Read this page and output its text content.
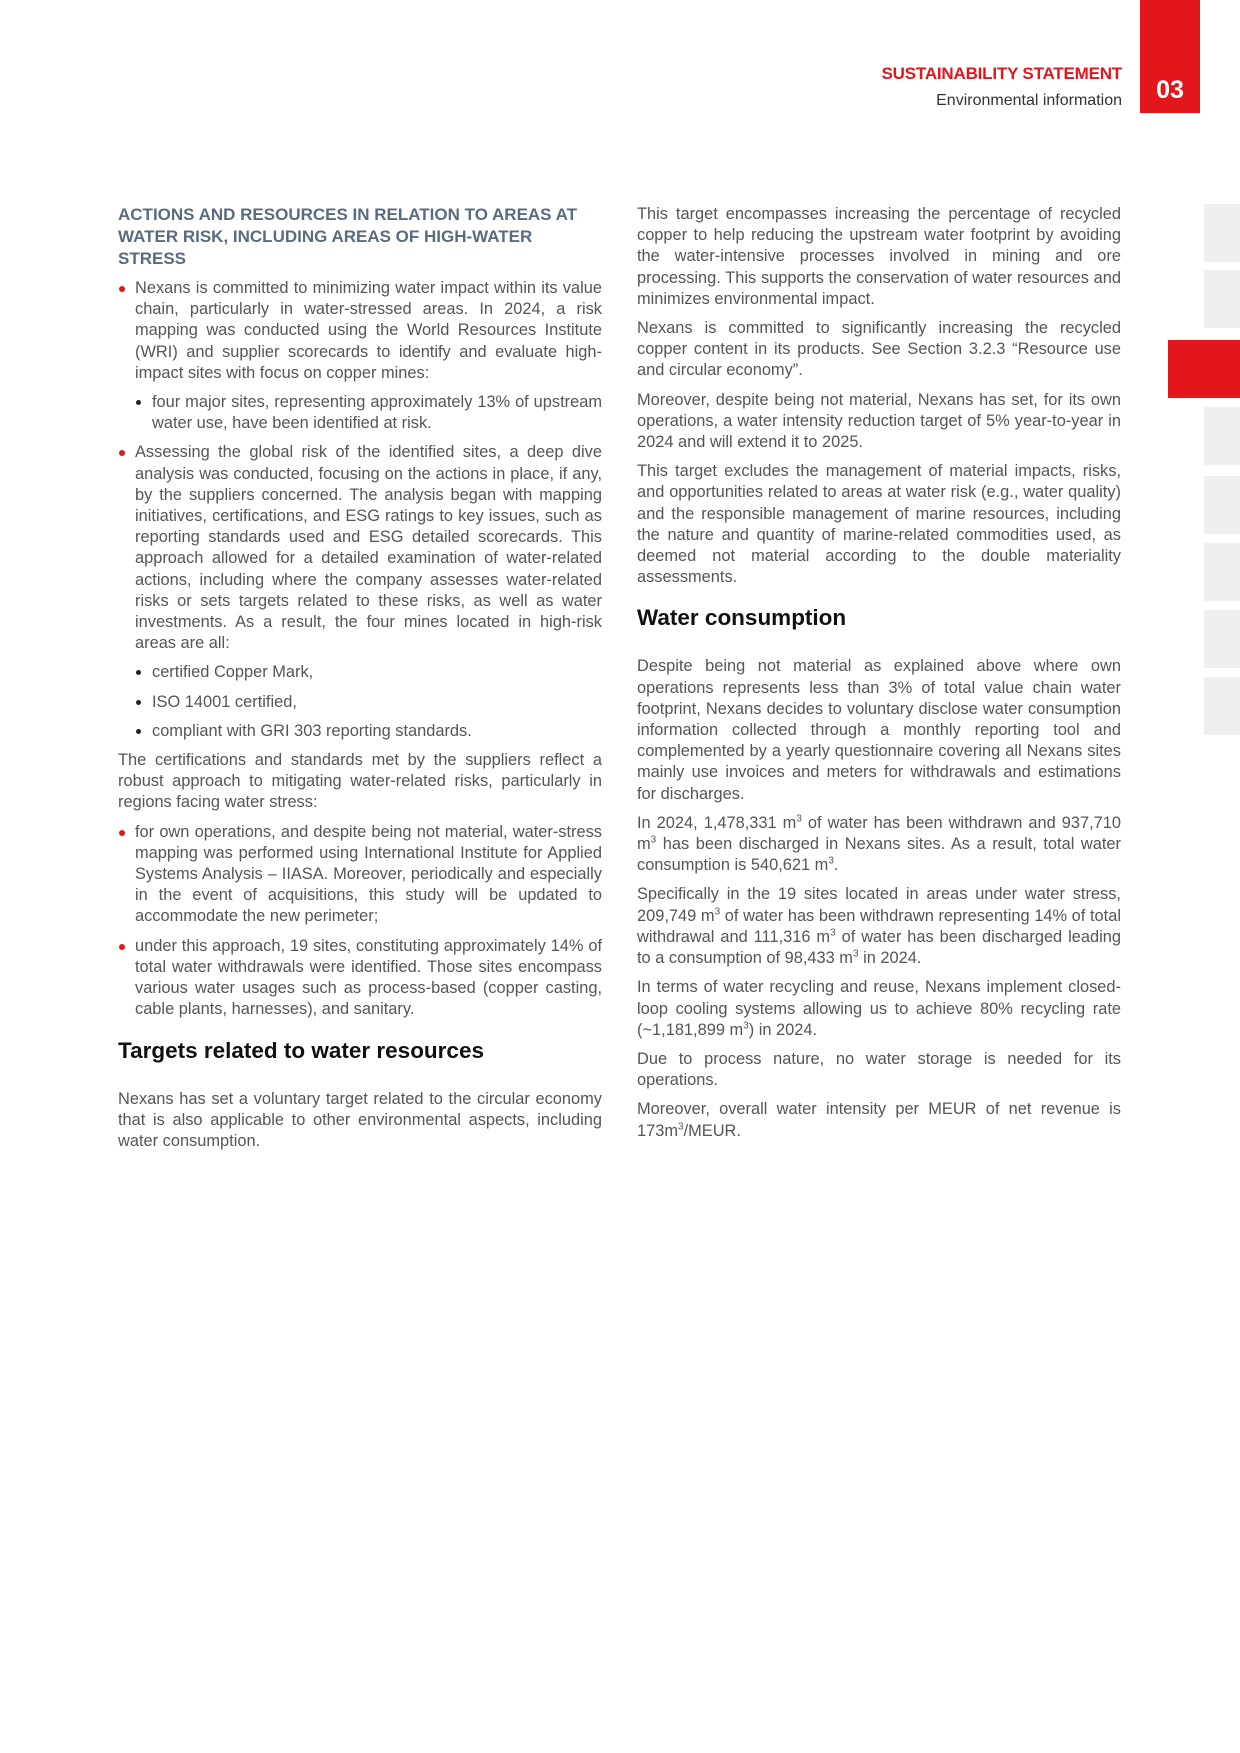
SUSTAINABILITY STATEMENT
Environmental information	03
ACTIONS AND RESOURCES IN RELATION TO AREAS AT WATER RISK, INCLUDING AREAS OF HIGH-WATER STRESS
Nexans is committed to minimizing water impact within its value chain, particularly in water-stressed areas. In 2024, a risk mapping was conducted using the World Resources Institute (WRI) and supplier scorecards to identify and evaluate high-impact sites with focus on copper mines:
four major sites, representing approximately 13% of upstream water use, have been identified at risk.
Assessing the global risk of the identified sites, a deep dive analysis was conducted, focusing on the actions in place, if any, by the suppliers concerned. The analysis began with mapping initiatives, certifications, and ESG ratings to key issues, such as reporting standards used and ESG detailed scorecards. This approach allowed for a detailed examination of water-related actions, including where the company assesses water-related risks or sets targets related to these risks, as well as water investments. As a result, the four mines located in high-risk areas are all:
certified Copper Mark,
ISO 14001 certified,
compliant with GRI 303 reporting standards.

The certifications and standards met by the suppliers reflect a robust approach to mitigating water-related risks, particularly in regions facing water stress:

for own operations, and despite being not material, water-stress mapping was performed using International Institute for Applied Systems Analysis – IIASA. Moreover, periodically and especially in the event of acquisitions, this study will be updated to accommodate the new perimeter;
under this approach, 19 sites, constituting approximately 14% of total water withdrawals were identified. Those sites encompass various water usages such as process-based (copper casting, cable plants, harnesses), and sanitary.
Targets related to water resources

Nexans has set a voluntary target related to the circular economy that is also applicable to other environmental aspects, including water consumption.

This target encompasses increasing the percentage of recycled copper to help reducing the upstream water footprint by avoiding the water-intensive processes involved in mining and ore processing. This supports the conservation of water resources and minimizes environmental impact.

Nexans is committed to significantly increasing the recycled copper content in its products. See Section 3.2.3 “Resource use and circular economy”.

Moreover, despite being not material, Nexans has set, for its own operations, a water intensity reduction target of 5% year-to-year in 2024 and will extend it to 2025.

This target excludes the management of material impacts, risks, and opportunities related to areas at water risk (e.g., water quality) and the responsible management of marine resources, including the nature and quantity of marine-related commodities used, as deemed not material according to the double materiality assessments.

Water consumption

Despite being not material as explained above where own operations represents less than 3% of total value chain water footprint, Nexans decides to voluntary disclose water consumption information collected through a monthly reporting tool and complemented by a yearly questionnaire covering all Nexans sites mainly use invoices and meters for withdrawals and estimations for discharges.

In 2024, 1,478,331 $m^3$ of water has been withdrawn and 937,710 $m^3$ has been discharged in Nexans sites. As a result, total water consumption is 540,621 $m^3$.

Specifically in the 19 sites located in areas under water stress, 209,749 $m^3$ of water has been withdrawn representing 14% of total withdrawal and 111,316 $m^3$ of water has been discharged leading to a consumption of 98,433 $m^3$ in 2024.

In terms of water recycling and reuse, Nexans implement closed-loop cooling systems allowing us to achieve 80% recycling rate (~1,181,899 $m^3$) in 2024.

Due to process nature, no water storage is needed for its operations.

Moreover, overall water intensity per MEUR of net revenue is $173m^3$/MEUR.
